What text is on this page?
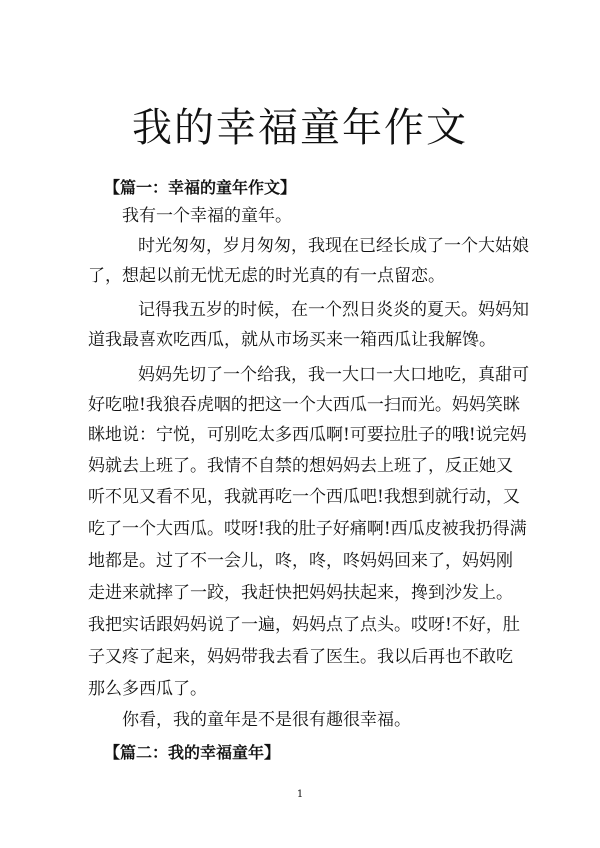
我的幸福童年作文
【篇一：幸福的童年作文】
我有一个幸福的童年。
时光匆匆，岁月匆匆，我现在已经长成了一个大姑娘
了，想起以前无忧无虑的时光真的有一点留恋。
记得我五岁的时候，在一个烈日炎炎的夏天。妈妈知
道我最喜欢吃西瓜，就从市场买来一箱西瓜让我解馋。
妈妈先切了一个给我，我一大口一大口地吃，真甜可
好吃啦!我狼吞虎咽的把这一个大西瓜一扫而光。妈妈笑眯
眯地说：宁悦，可别吃太多西瓜啊!可要拉肚子的哦!说完妈
妈就去上班了。我情不自禁的想妈妈去上班了，反正她又
听不见又看不见，我就再吃一个西瓜吧!我想到就行动，又
吃了一个大西瓜。哎呀!我的肚子好痛啊!西瓜皮被我扔得满
地都是。过了不一会儿，咚，咚，咚妈妈回来了，妈妈刚
走进来就摔了一跤，我赶快把妈妈扶起来，搀到沙发上。
我把实话跟妈妈说了一遍，妈妈点了点头。哎呀!不好，肚
子又疼了起来，妈妈带我去看了医生。我以后再也不敢吃
那么多西瓜了。
你看，我的童年是不是很有趣很幸福。
【篇二：我的幸福童年】
1
